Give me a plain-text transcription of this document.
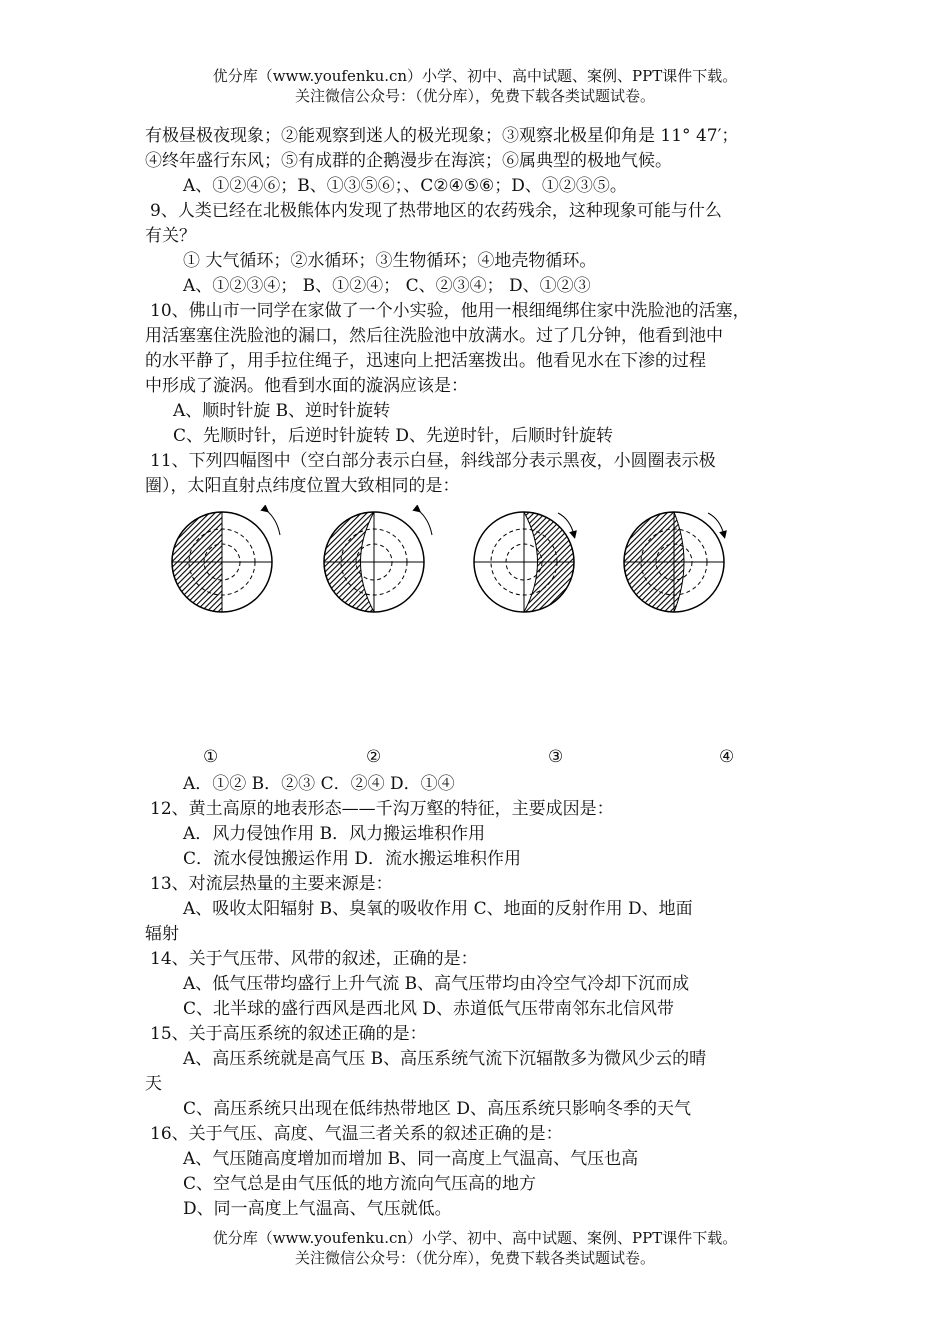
优分库（www.youfenku.cn）小学、初中、高中试题、案例、PPT课件下载。
关注微信公众号：（优分库），免费下载各类试题试卷。
有极昼极夜现象；②能观察到迷人的极光现象；③观察北极星仰角是 11° 47′；
④终年盛行东风；⑤有成群的企鹅漫步在海滨；⑥属典型的极地气候。
A、①②④⑥；B、①③⑤⑥；、C②④⑤⑥；D、①②③⑤。
9、人类已经在北极熊体内发现了热带地区的农药残余，这种现象可能与什么
有关？
① 大气循环；②水循环；③生物循环；④地壳物循环。
A、①②③④； B、①②④； C、②③④； D、①②③
10、佛山市一同学在家做了一个小实验，他用一根细绳绑住家中洗脸池的活塞，
用活塞塞住洗脸池的漏口，然后往洗脸池中放满水。过了几分钟，他看到池中
的水平静了，用手拉住绳子，迅速向上把活塞拨出。他看见水在下渗的过程
中形成了漩涡。他看到水面的漩涡应该是：
A、顺时针旋 B、逆时针旋转
C、先顺时针，后逆时针旋转 D、先逆时针，后顺时针旋转
11、下列四幅图中（空白部分表示白昼，斜线部分表示黑夜，小圆圈表示极
圈），太阳直射点纬度位置大致相同的是：
①	②	③	④
A．①② B．②③ C．②④ D．①④
12、黄土高原的地表形态——千沟万壑的特征，主要成因是：
A．风力侵蚀作用 B．风力搬运堆积作用
C．流水侵蚀搬运作用 D．流水搬运堆积作用
13、对流层热量的主要来源是：
A、吸收太阳辐射 B、臭氧的吸收作用 C、地面的反射作用 D、地面
辐射
14、关于气压带、风带的叙述，正确的是：
A、低气压带均盛行上升气流 B、高气压带均由冷空气冷却下沉而成
C、北半球的盛行西风是西北风 D、赤道低气压带南邻东北信风带
15、关于高压系统的叙述正确的是：
A、高压系统就是高气压 B、高压系统气流下沉辐散多为微风少云的晴
天
C、高压系统只出现在低纬热带地区 D、高压系统只影响冬季的天气
16、关于气压、高度、气温三者关系的叙述正确的是：
A、气压随高度增加而增加 B、同一高度上气温高、气压也高
C、空气总是由气压低的地方流向气压高的地方
D、同一高度上气温高、气压就低。
优分库（www.youfenku.cn）小学、初中、高中试题、案例、PPT课件下载。
关注微信公众号：（优分库），免费下载各类试题试卷。
